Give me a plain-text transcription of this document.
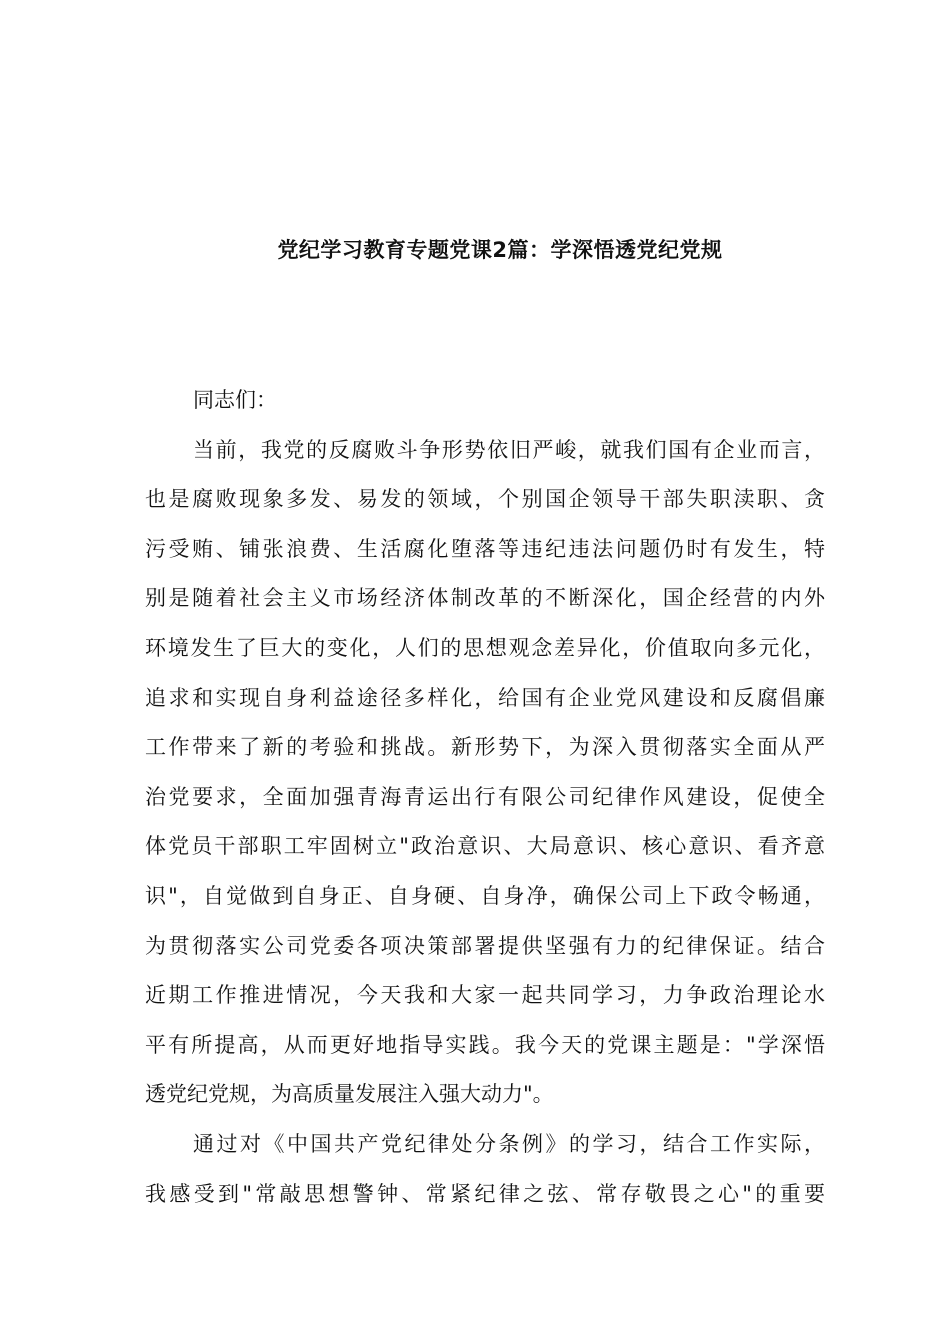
党纪学习教育专题党课2篇：学深悟透党纪党规
同志们：
当前，我党的反腐败斗争形势依旧严峻，就我们国有企业而言，
也是腐败现象多发、易发的领域，个别国企领导干部失职渎职、贪
污受贿、铺张浪费、生活腐化堕落等违纪违法问题仍时有发生，特
别是随着社会主义市场经济体制改革的不断深化，国企经营的内外
环境发生了巨大的变化，人们的思想观念差异化，价值取向多元化，
追求和实现自身利益途径多样化，给国有企业党风建设和反腐倡廉
工作带来了新的考验和挑战。新形势下，为深入贯彻落实全面从严
治党要求，全面加强青海青运出行有限公司纪律作风建设，促使全
体党员干部职工牢固树立"政治意识、大局意识、核心意识、看齐意
识"，自觉做到自身正、自身硬、自身净，确保公司上下政令畅通，
为贯彻落实公司党委各项决策部署提供坚强有力的纪律保证。结合
近期工作推进情况，今天我和大家一起共同学习，力争政治理论水
平有所提高，从而更好地指导实践。我今天的党课主题是："学深悟
透党纪党规，为高质量发展注入强大动力"。
通过对《中国共产党纪律处分条例》的学习，结合工作实际，
我感受到"常敲思想警钟、常紧纪律之弦、常存敬畏之心"的重要
